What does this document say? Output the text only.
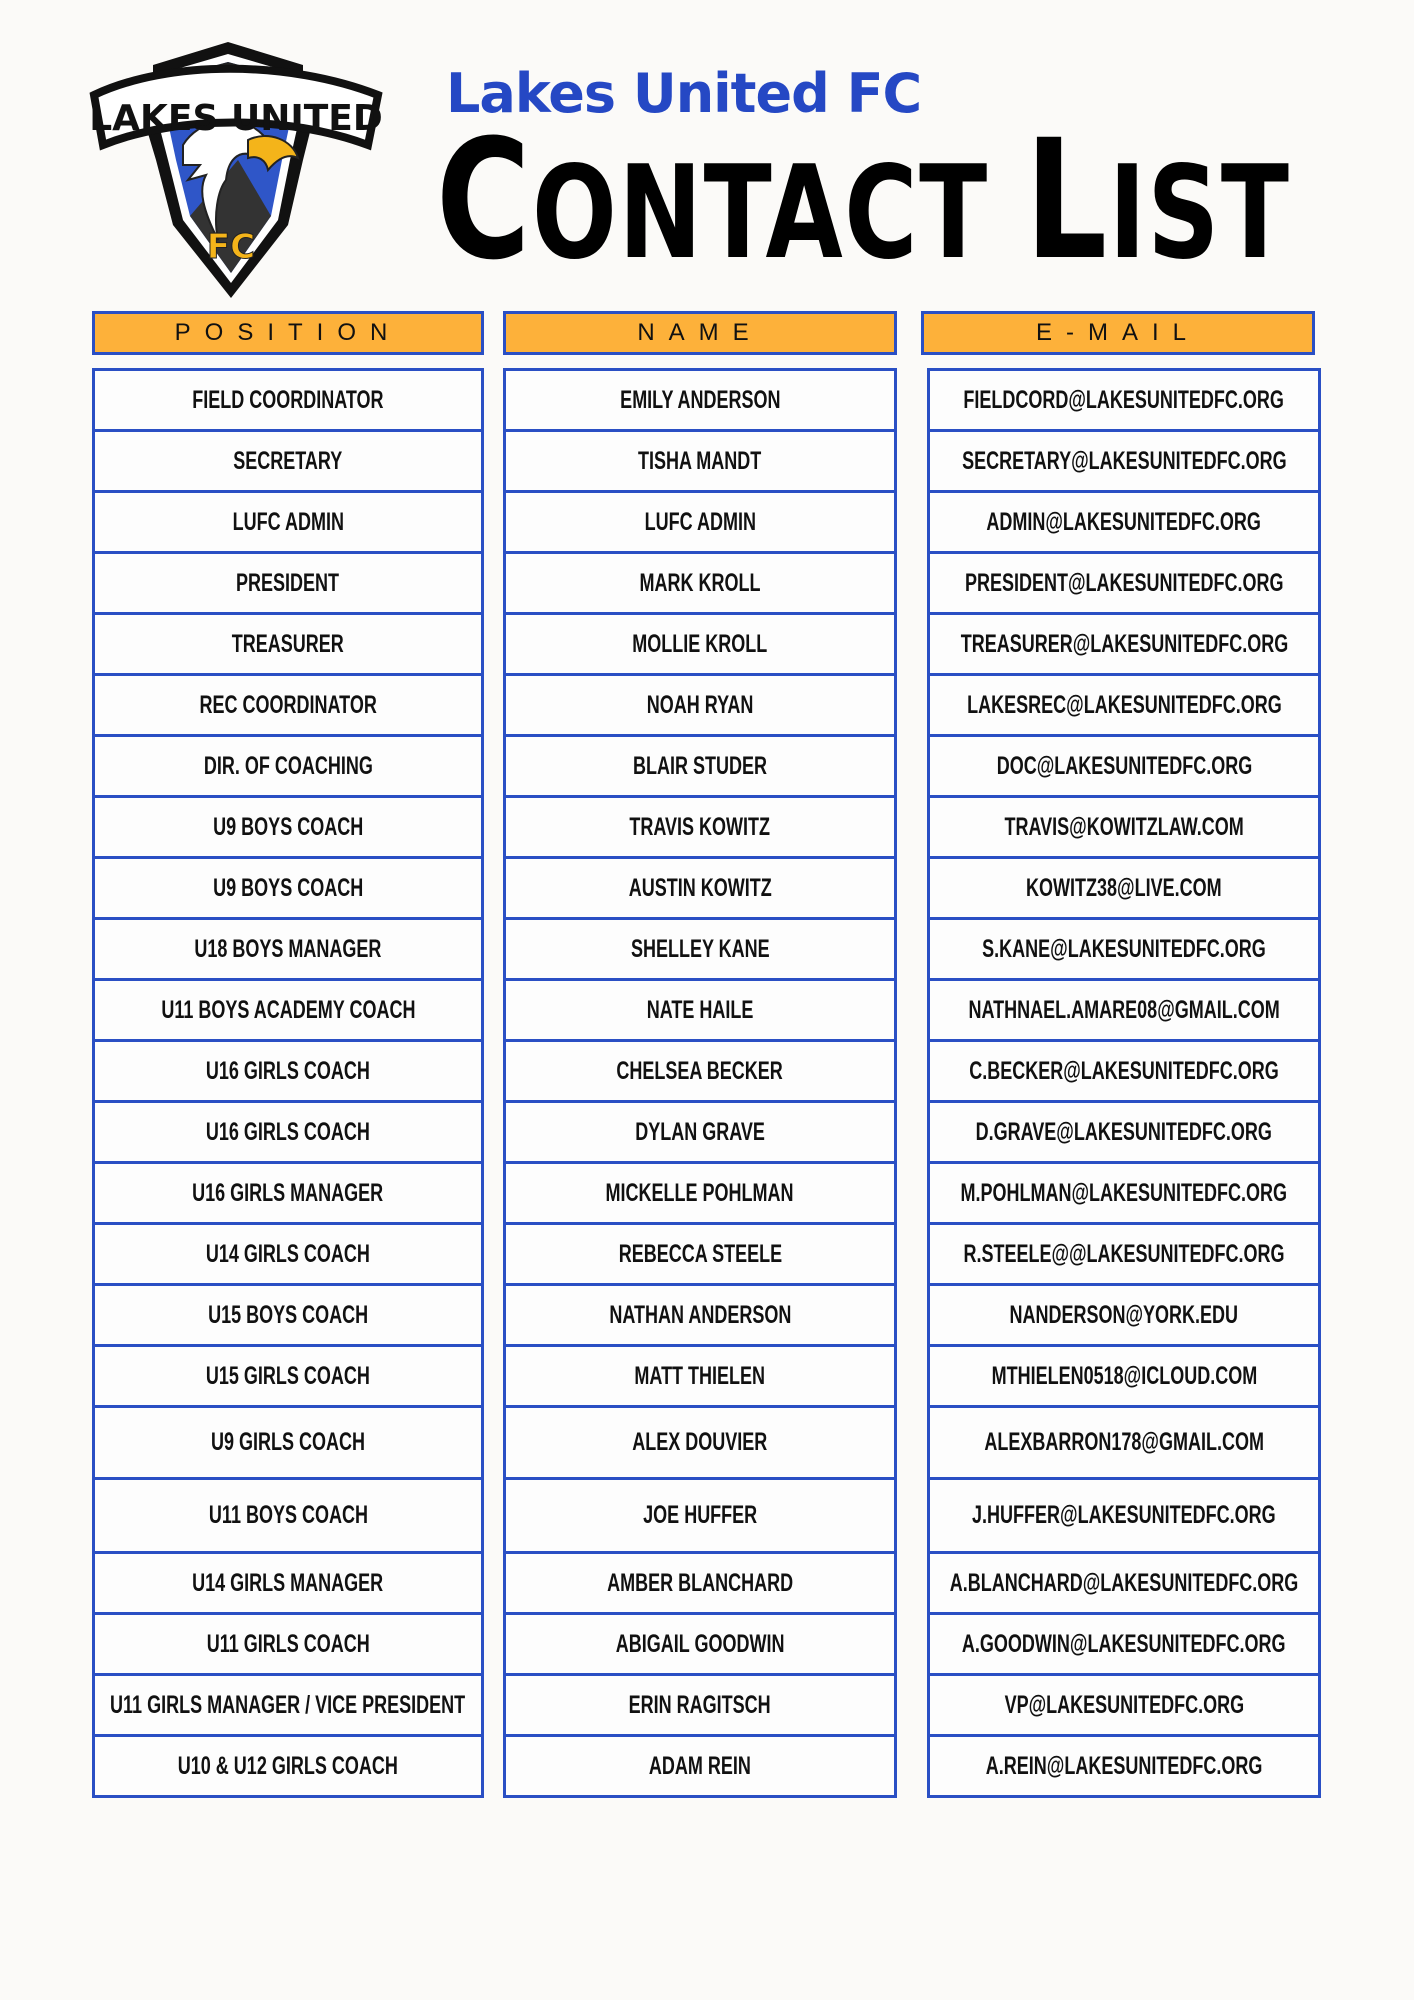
FC
LAKES UNITED Lakes United FC
CONTACT LIST
POSITION	NAME	E-MAIL
FIELD COORDINATOR
SECRETARY
LUFC ADMIN
PRESIDENT
TREASURER
REC COORDINATOR
DIR. OF COACHING
U9 BOYS COACH
U9 BOYS COACH
U18 BOYS MANAGER
U11 BOYS ACADEMY COACH
U16 GIRLS COACH
U16 GIRLS COACH
U16 GIRLS MANAGER
U14 GIRLS COACH
U15 BOYS COACH
U15 GIRLS COACH
U9 GIRLS COACH
U11 BOYS COACH
U14 GIRLS MANAGER
U11 GIRLS COACH
U11 GIRLS MANAGER / VICE PRESIDENT
U10 & U12 GIRLS COACH
EMILY ANDERSON
TISHA MANDT
LUFC ADMIN
MARK KROLL
MOLLIE KROLL
NOAH RYAN
BLAIR STUDER
TRAVIS KOWITZ
AUSTIN KOWITZ
SHELLEY KANE
NATE HAILE
CHELSEA BECKER
DYLAN GRAVE
MICKELLE POHLMAN
REBECCA STEELE
NATHAN ANDERSON
MATT THIELEN
ALEX DOUVIER
JOE HUFFER
AMBER BLANCHARD
ABIGAIL GOODWIN
ERIN RAGITSCH
ADAM REIN
FIELDCORD@LAKESUNITEDFC.ORG
SECRETARY@LAKESUNITEDFC.ORG
ADMIN@LAKESUNITEDFC.ORG
PRESIDENT@LAKESUNITEDFC.ORG
TREASURER@LAKESUNITEDFC.ORG
LAKESREC@LAKESUNITEDFC.ORG
DOC@LAKESUNITEDFC.ORG
TRAVIS@KOWITZLAW.COM
KOWITZ38@LIVE.COM
S.KANE@LAKESUNITEDFC.ORG
NATHNAEL.AMARE08@GMAIL.COM
C.BECKER@LAKESUNITEDFC.ORG
D.GRAVE@LAKESUNITEDFC.ORG
M.POHLMAN@LAKESUNITEDFC.ORG
R.STEELE@@LAKESUNITEDFC.ORG
NANDERSON@YORK.EDU
MTHIELEN0518@ICLOUD.COM
ALEXBARRON178@GMAIL.COM
J.HUFFER@LAKESUNITEDFC.ORG
A.BLANCHARD@LAKESUNITEDFC.ORG
A.GOODWIN@LAKESUNITEDFC.ORG
VP@LAKESUNITEDFC.ORG
A.REIN@LAKESUNITEDFC.ORG
